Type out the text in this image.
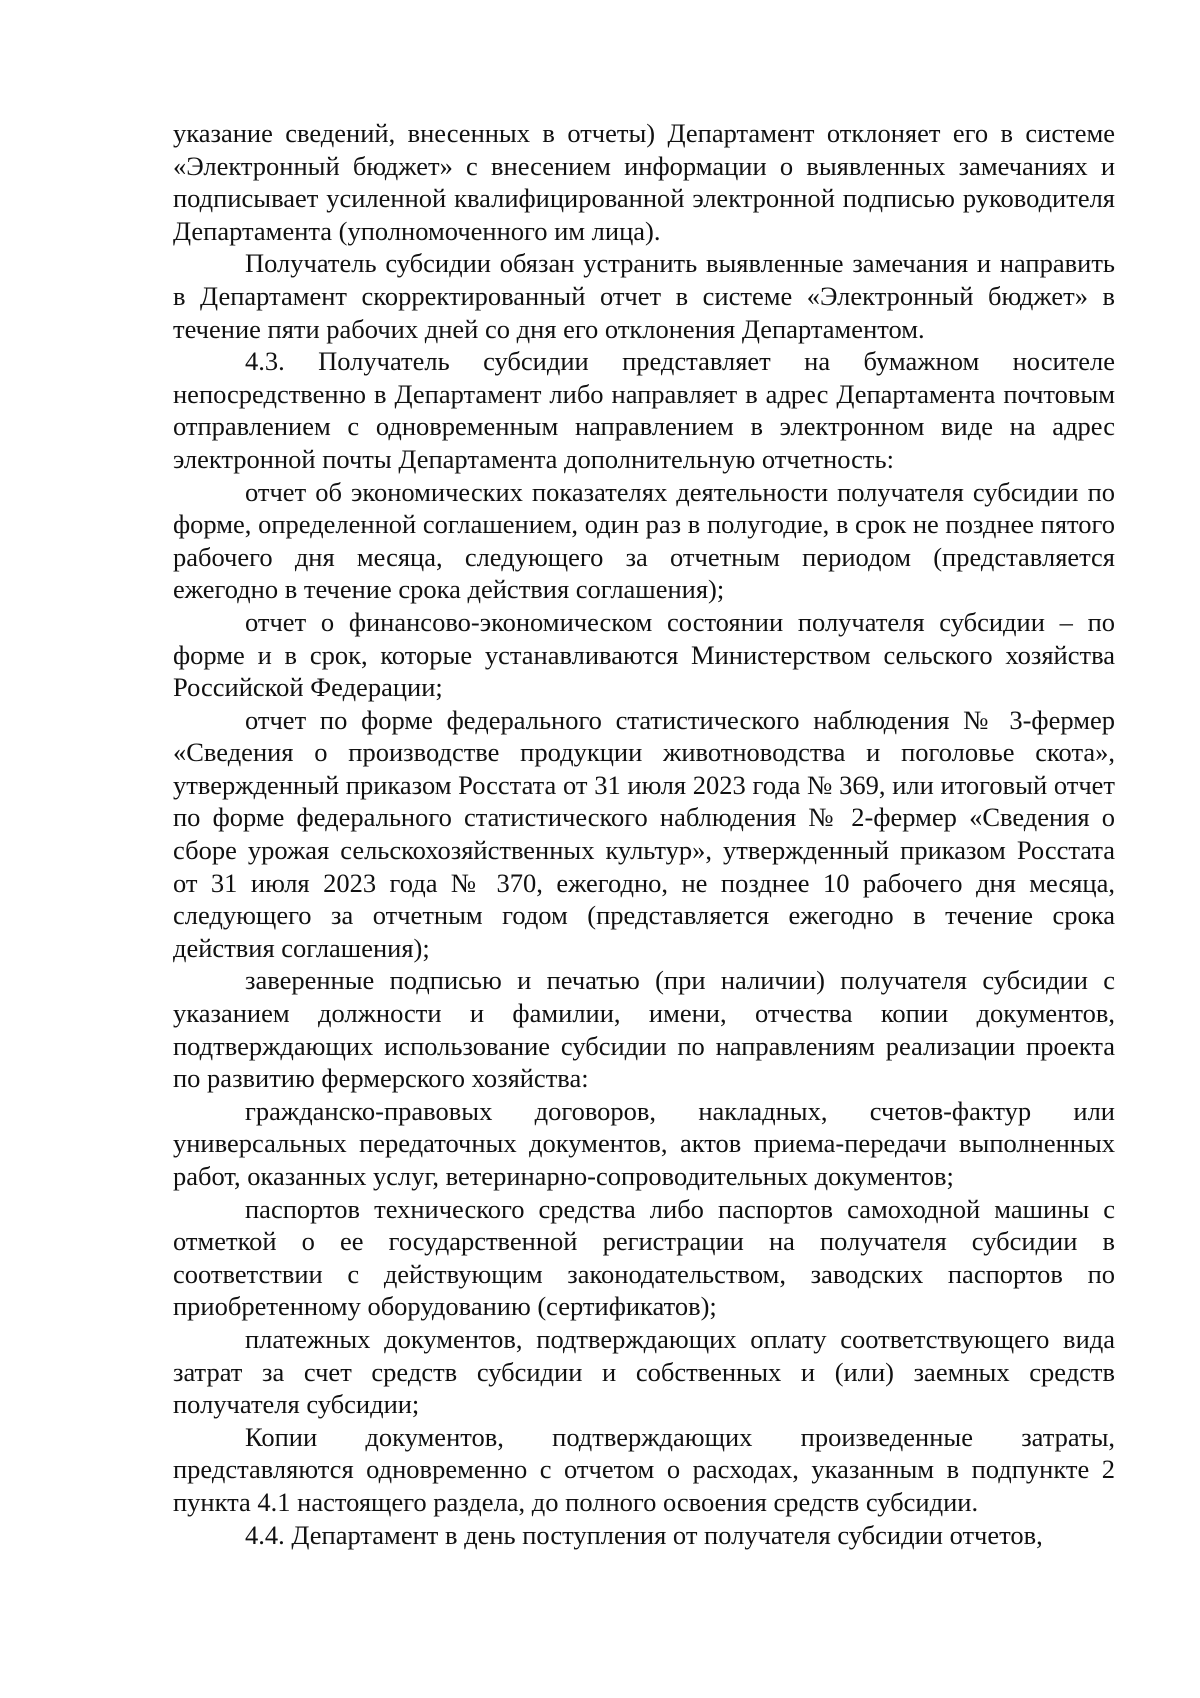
указание сведений, внесенных в отчеты) Департамент отклоняет его в системе «Электронный бюджет» с внесением информации о выявленных замечаниях и подписывает усиленной квалифицированной электронной подписью руководителя Департамента (уполномоченного им лица).

Получатель субсидии обязан устранить выявленные замечания и направить в Департамент скорректированный отчет в системе «Электронный бюджет» в течение пяти рабочих дней со дня его отклонения Департаментом.

4.3. Получатель субсидии представляет на бумажном носителе непосредственно в Департамент либо направляет в адрес Департамента почтовым отправлением с одновременным направлением в электронном виде на адрес электронной почты Департамента дополнительную отчетность:

отчет об экономических показателях деятельности получателя субсидии по форме, определенной соглашением, один раз в полугодие, в срок не позднее пятого рабочего дня месяца, следующего за отчетным периодом (представляется ежегодно в течение срока действия соглашения);

отчет о финансово-экономическом состоянии получателя субсидии – по форме и в срок, которые устанавливаются Министерством сельского хозяйства Российской Федерации;

отчет по форме федерального статистического наблюдения № 3-фермер «Сведения о производстве продукции животноводства и поголовье скота», утвержденный приказом Росстата от 31 июля 2023 года № 369, или итоговый отчет по форме федерального статистического наблюдения № 2-фермер «Сведения о сборе урожая сельскохозяйственных культур», утвержденный приказом Росстата от 31 июля 2023 года № 370, ежегодно, не позднее 10 рабочего дня месяца, следующего за отчетным годом (представляется ежегодно в течение срока действия соглашения);

заверенные подписью и печатью (при наличии) получателя субсидии с указанием должности и фамилии, имени, отчества копии документов, подтверждающих использование субсидии по направлениям реализации проекта по развитию фермерского хозяйства:

гражданско-правовых договоров, накладных, счетов-фактур или универсальных передаточных документов, актов приема-передачи выполненных работ, оказанных услуг, ветеринарно-сопроводительных документов;

паспортов технического средства либо паспортов самоходной машины с отметкой о ее государственной регистрации на получателя субсидии в соответствии с действующим законодательством, заводских паспортов по приобретенному оборудованию (сертификатов);

платежных документов, подтверждающих оплату соответствующего вида затрат за счет средств субсидии и собственных и (или) заемных средств получателя субсидии;

Копии документов, подтверждающих произведенные затраты, представляются одновременно с отчетом о расходах, указанным в подпункте 2 пункта 4.1 настоящего раздела, до полного освоения средств субсидии.

4.4. Департамент в день поступления от получателя субсидии отчетов,
